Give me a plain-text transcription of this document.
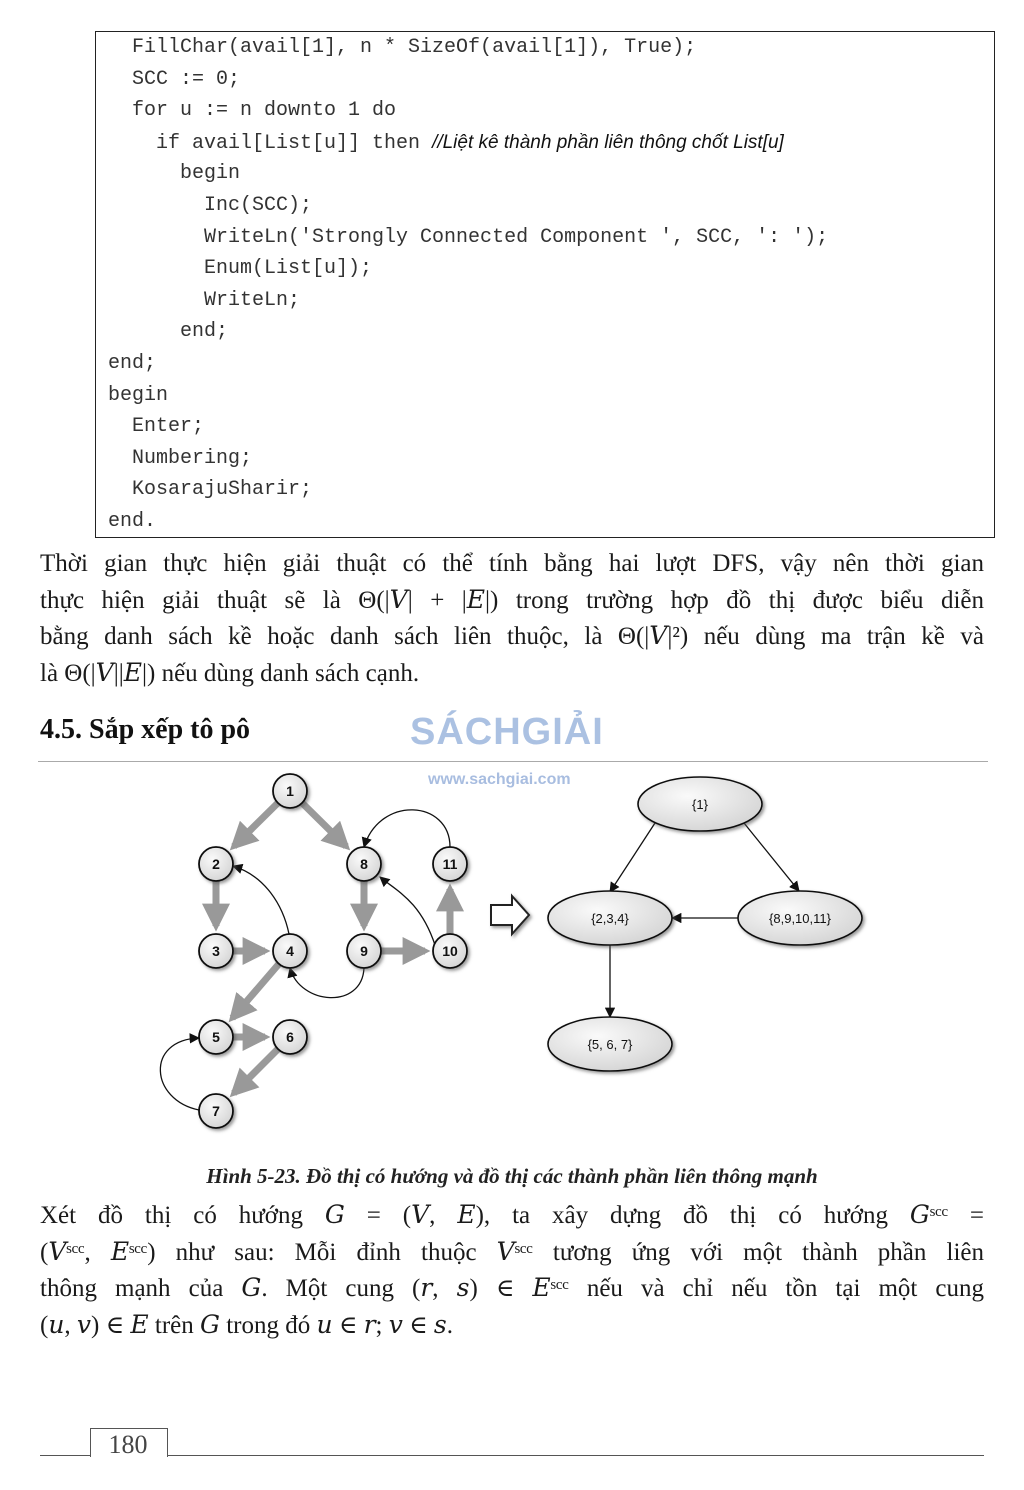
FillChar(avail[1], n * SizeOf(avail[1]), True);
SCC := 0;
for u := n downto 1 do
if avail[List[u]] then //Liệt kê thành phần liên thông chốt List[u]
begin
Inc(SCC);
WriteLn('Strongly Connected Component ', SCC, ': ');
Enum(List[u]);
WriteLn;
end;
end;
begin
Enter;
Numbering;
KosarajuSharir;
end.
Thời gian thực hiện giải thuật có thể tính bằng hai lượt DFS, vậy nên thời gian
thực hiện giải thuật sẽ là Θ(|𝑉| + |𝐸|) trong trường hợp đồ thị được biểu diễn
bằng danh sách kề hoặc danh sách liên thuộc, là Θ(|𝑉|²) nếu dùng ma trận kề và
là Θ(|𝑉||𝐸|) nếu dùng danh sách cạnh.
4.5. Sắp xếp tô pô	SÁCHGIẢI
www.sachgiai.com
1
2
3	4
5	6
7
8
9	10
11
{1}
{2,3,4}	{8,9,10,11}
{5, 6, 7}
Hình 5-23. Đồ thị có hướng và đồ thị các thành phần liên thông mạnh
Xét đồ thị có hướng 𝐺 = (𝑉, 𝐸), ta xây dựng đồ thị có hướng 𝐺ˢᶜᶜ =
(𝑉ˢᶜᶜ, 𝐸ˢᶜᶜ) như sau: Mỗi đỉnh thuộc 𝑉ˢᶜᶜ tương ứng với một thành phần liên
thông mạnh của 𝐺. Một cung (𝑟, 𝑠) ∈ 𝐸ˢᶜᶜ nếu và chỉ nếu tồn tại một cung
(𝑢, 𝑣) ∈ 𝐸 trên 𝐺 trong đó 𝑢 ∈ 𝑟; 𝑣 ∈ 𝑠.
180
